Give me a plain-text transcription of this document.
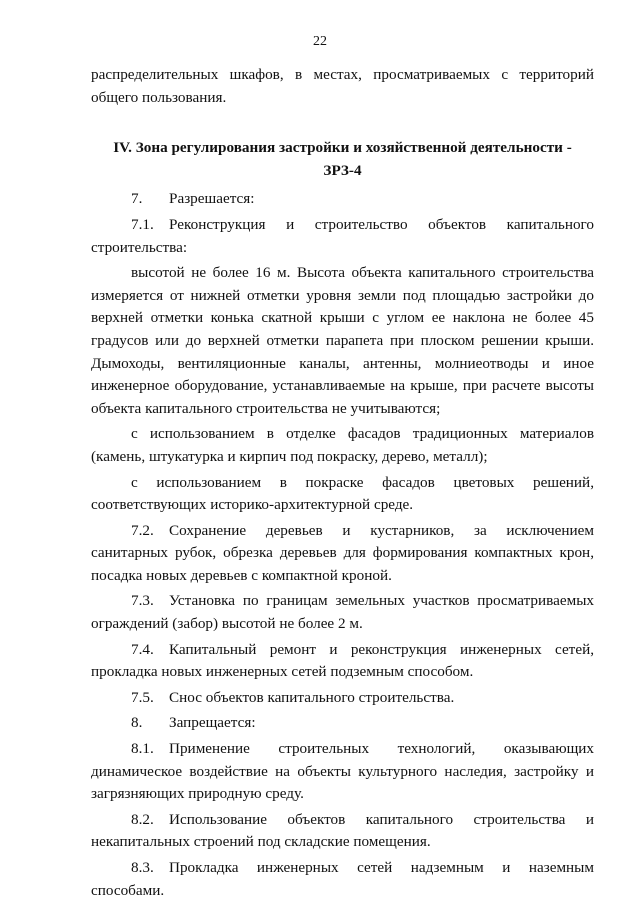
22

распределительных шкафов, в местах, просматриваемых с территорий общего пользования.

IV. Зона регулирования застройки и хозяйственной деятельности -
ЗРЗ-4

7. Разрешается:

7.1. Реконструкция и строительство объектов капитального строительства:

высотой не более 16 м. Высота объекта капитального строительства измеряется от нижней отметки уровня земли под площадью застройки до верхней отметки конька скатной крыши с углом ее наклона не более 45 градусов или до верхней отметки парапета при плоском решении крыши. Дымоходы, вентиляционные каналы, антенны, молниеотводы и иное инженерное оборудование, устанавливаемые на крыше, при расчете высоты объекта капитального строительства не учитываются;

с использованием в отделке фасадов традиционных материалов (камень, штукатурка и кирпич под покраску, дерево, металл);

с использованием в покраске фасадов цветовых решений, соответствующих историко-архитектурной среде.

7.2. Сохранение деревьев и кустарников, за исключением санитарных рубок, обрезка деревьев для формирования компактных крон, посадка новых деревьев с компактной кроной.

7.3. Установка по границам земельных участков просматриваемых ограждений (забор) высотой не более 2 м.

7.4. Капитальный ремонт и реконструкция инженерных сетей, прокладка новых инженерных сетей подземным способом.

7.5. Снос объектов капитального строительства.

8. Запрещается:

8.1. Применение строительных технологий, оказывающих динамическое воздействие на объекты культурного наследия, застройку и загрязняющих природную среду.

8.2. Использование объектов капитального строительства и некапитальных строений под складские помещения.

8.3. Прокладка инженерных сетей надземным и наземным способами.
